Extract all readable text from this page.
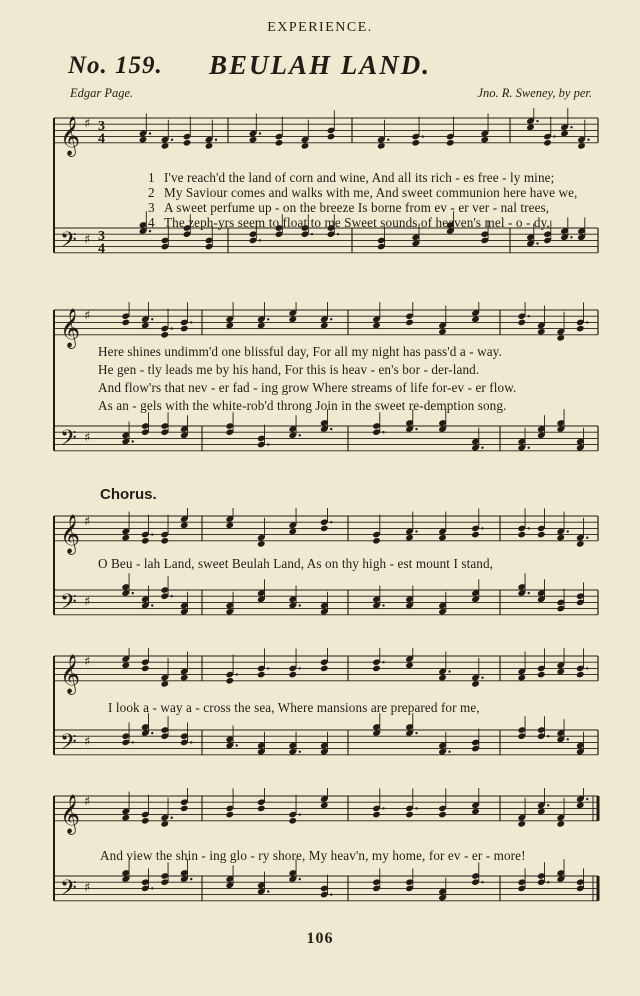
EXPERIENCE.
No. 159.	BEULAH LAND.
Edgar Page.	Jno. R. Sweney, by per.
𝄞 ♯ 3
4
𝄢 ♯ 3
4
1 I've reach'd the land of corn and wine, And all its rich - es free - ly mine;
2 My Saviour comes and walks with me, And sweet communion here have we,
3 A sweet perfume up - on the breeze Is borne from ev - er ver - nal trees,
4 The zeph-yrs seem to float to me Sweet sounds of heaven's mel - o - dy,
𝄞 ♯
𝄢 ♯
Here shines undimm'd one blissful day, For all my night has pass'd a - way.
He gen - tly leads me by his hand, For this is heav - en's bor - der-land.
And flow'rs that nev - er fad - ing grow Where streams of life for-ev - er flow.
As an - gels with the white-rob'd throng Join in the sweet re-demption song.
Chorus.
𝄞 ♯
𝄢 ♯
O Beu - lah Land, sweet Beulah Land, As on thy high - est mount I stand,
𝄞 ♯
𝄢 ♯
I look a - way a - cross the sea, Where mansions are prepared for me,
𝄞 ♯
𝄢 ♯
And view the shin - ing glo - ry shore, My heav'n, my home, for ev - er - more!
106
